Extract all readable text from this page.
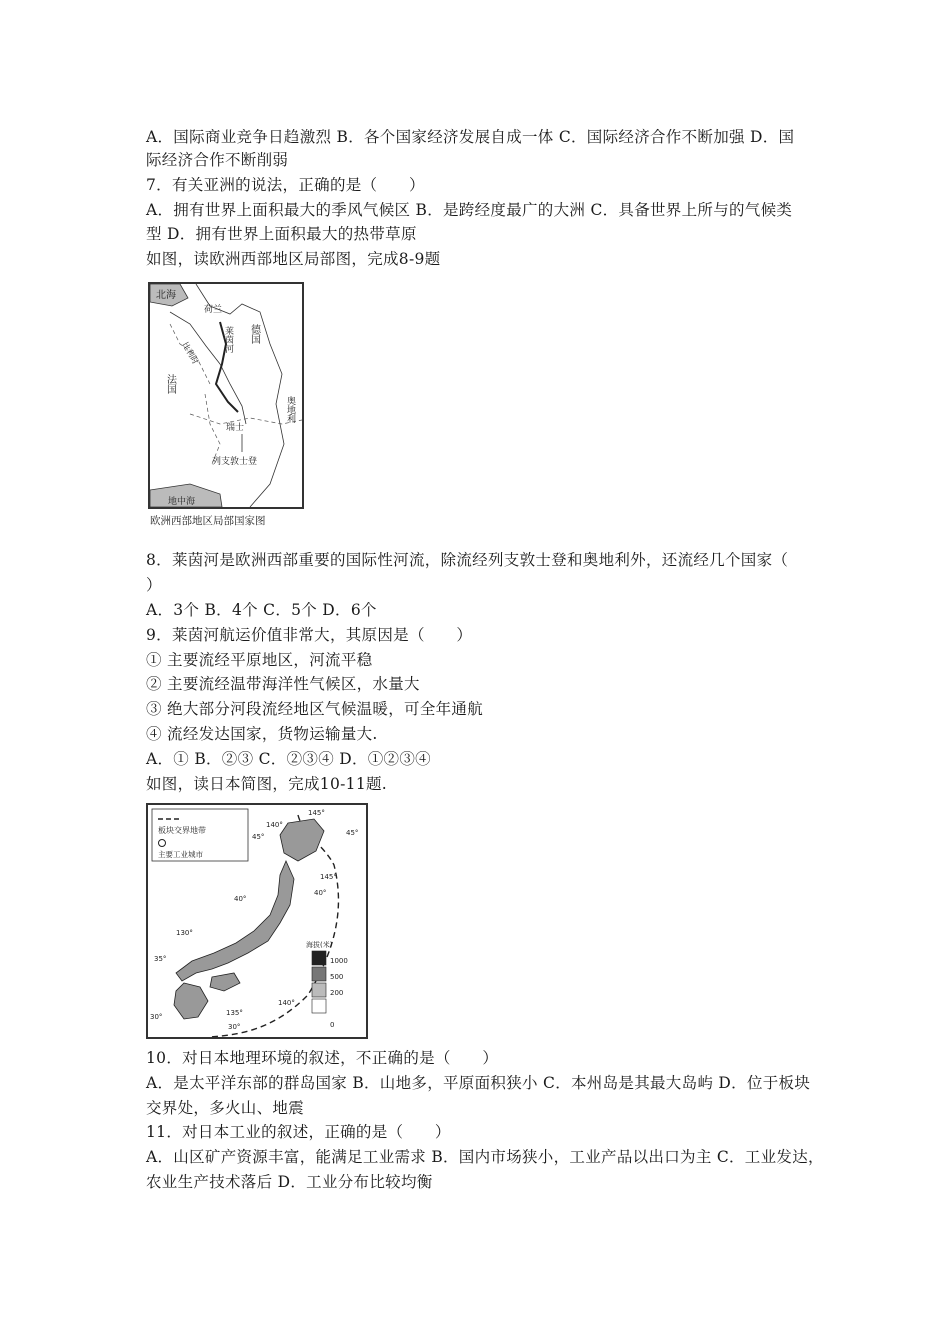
A．国际商业竞争日趋激烈 B．各个国家经济发展自成一体 C．国际经济合作不断加强 D．国
际经济合作不断削弱
7．有关亚洲的说法，正确的是（　　）
A．拥有世界上面积最大的季风气候区 B．是跨经度最广的大洲 C．具备世界上所与的气候类
型 D．拥有世界上面积最大的热带草原
如图，读欧洲西部地区局部图，完成8-9题
北海
荷兰
比利时
莱茵河 德国
法国
瑞士
奥地利
列支敦士登
地中海
欧洲西部地区局部国家图
8．莱茵河是欧洲西部重要的国际性河流，除流经列支敦士登和奥地利外，还流经几个国家（
）
A．3个 B．4个 C．5个 D．6个
9．莱茵河航运价值非常大，其原因是（　　）
① 主要流经平原地区，河流平稳
② 主要流经温带海洋性气候区，水量大
③ 绝大部分河段流经地区气候温暖，可全年通航
④ 流经发达国家，货物运输量大.
A．① B．②③ C．②③④ D．①②③④
如图，读日本简图，完成10-11题.
板块交界地带
主要工业城市
海拔(米)
1000
500
200
0
145°
140°
45°	45°
40°
40°
145°
130°
35°
135°
30°
30°
140°
10．对日本地理环境的叙述，不正确的是（　　）
A．是太平洋东部的群岛国家 B．山地多，平原面积狭小 C．本州岛是其最大岛屿 D．位于板块
交界处，多火山、地震
11．对日本工业的叙述，正确的是（　　）
A．山区矿产资源丰富，能满足工业需求 B．国内市场狭小，工业产品以出口为主 C．工业发达，
农业生产技术落后 D．工业分布比较均衡
